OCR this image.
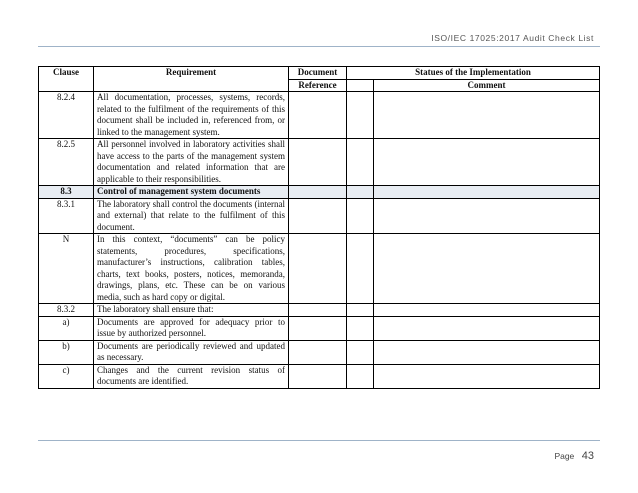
ISO/IEC 17025:2017 Audit Check List
Clause	Requirement	Document	Statues of the Implementation	
		Reference		Comment
8.2.4	All documentation, processes, systems, records, related to the fulfilment of the requirements of this document shall be included in, referenced from, or linked to the management system.			
8.2.5	All personnel involved in laboratory activities shall have access to the parts of the management system documentation and related information that are applicable to their responsibilities.			
8.3	Control of management system documents			
8.3.1	The laboratory shall control the documents (internal and external) that relate to the fulfilment of this document.			
N	In this context, “documents” can be policy statements, procedures, specifications, manufacturer’s instructions, calibration tables, charts, text books, posters, notices, memoranda, drawings, plans, etc. These can be on various media, such as hard copy or digital.			
8.3.2	The laboratory shall ensure that:			
a)	Documents are approved for adequacy prior to issue by authorized personnel.			
b)	Documents are periodically reviewed and updated as necessary.			
c)	Changes and the current revision status of documents are identified.			
Page 43
